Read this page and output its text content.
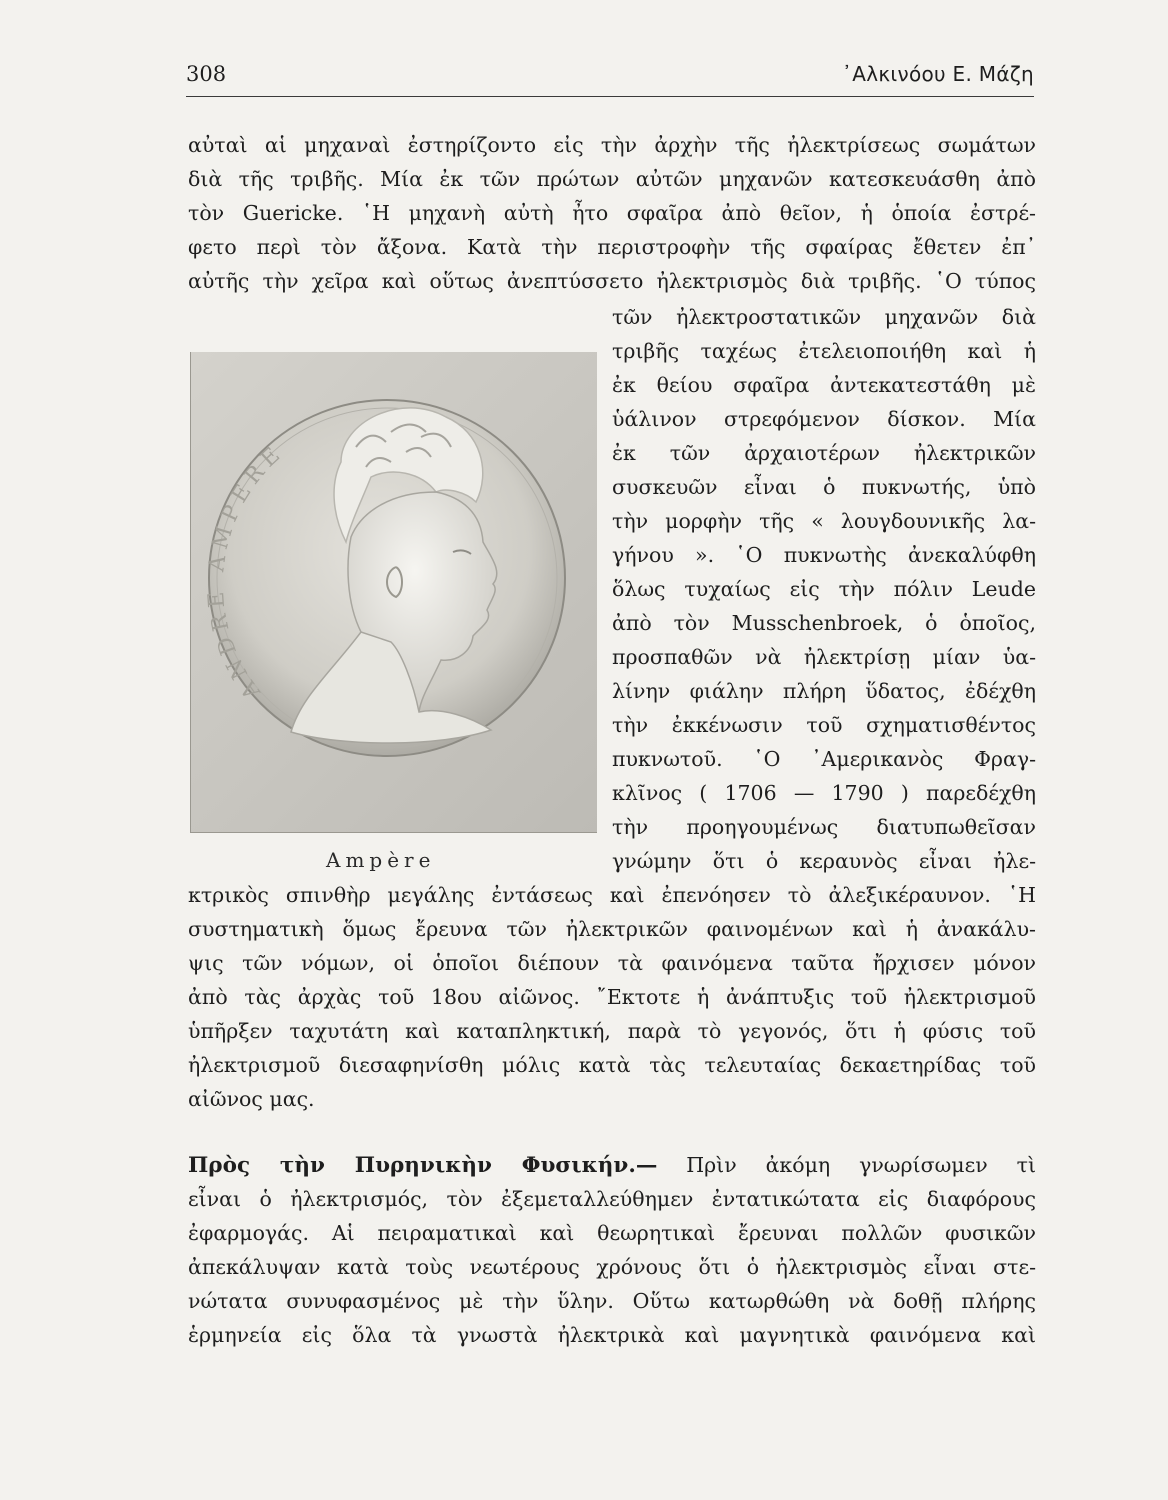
308	᾿Αλκινόου Ε. Μάζη
αὐταὶ αἱ μηχαναὶ ἐστηρίζοντο εἰς τὴν ἀρχὴν τῆς ἠλεκτρίσεως σωμάτων
διὰ τῆς τριβῆς. Μία ἐκ τῶν πρώτων αὐτῶν μηχανῶν κατεσκευάσθη ἀπὸ
τὸν Guericke. ῾Η μηχανὴ αὐτὴ ἦτο σφαῖρα ἀπὸ θεῖον, ἡ ὁποία ἐστρέ-
φετο περὶ τὸν ἄξονα. Κατὰ τὴν περιστροφὴν τῆς σφαίρας ἔθετεν ἐπ᾿
αὐτῆς τὴν χεῖρα καὶ οὕτως ἀνεπτύσσετο ἠλεκτρισμὸς διὰ τριβῆς. ῾Ο τύπος
ANDRE AMPERE
Ampère
τῶν ἠλεκτροστατικῶν μηχανῶν διὰ
τριβῆς ταχέως ἐτελειοποιήθη καὶ ἡ
ἐκ θείου σφαῖρα ἀντεκατεστάθη μὲ
ὑάλινον στρεφόμενον δίσκον. Μία
ἐκ τῶν ἀρχαιοτέρων ἠλεκτρικῶν
συσκευῶν εἶναι ὁ πυκνωτής, ὑπὸ
τὴν μορφὴν τῆς « λουγδουνικῆς λα-
γήνου ». ῾Ο πυκνωτὴς ἀνεκαλύφθη
ὅλως τυχαίως εἰς τὴν πόλιν Leude
ἀπὸ τὸν Musschenbroek, ὁ ὁποῖος,
προσπαθῶν νὰ ἠλεκτρίσῃ μίαν ὑα-
λίνην φιάλην πλήρη ὕδατος, ἐδέχθη
τὴν ἐκκένωσιν τοῦ σχηματισθέντος
πυκνωτοῦ. ῾Ο ᾿Αμερικανὸς Φραγ-
κλῖνος ( 1706 — 1790 ) παρεδέχθη
τὴν προηγουμένως διατυπωθεῖσαν
γνώμην ὅτι ὁ κεραυνὸς εἶναι ἠλε-
κτρικὸς σπινθὴρ μεγάλης ἐντάσεως καὶ ἐπενόησεν τὸ ἀλεξικέραυνον. ῾Η
συστηματικὴ ὅμως ἔρευνα τῶν ἠλεκτρικῶν φαινομένων καὶ ἡ ἀνακάλυ-
ψις τῶν νόμων, οἱ ὁποῖοι διέπουν τὰ φαινόμενα ταῦτα ἤρχισεν μόνον
ἀπὸ τὰς ἀρχὰς τοῦ 18ου αἰῶνος. ῎Εκτοτε ἡ ἀνάπτυξις τοῦ ἠλεκτρισμοῦ
ὑπῆρξεν ταχυτάτη καὶ καταπληκτική, παρὰ τὸ γεγονός, ὅτι ἡ φύσις τοῦ
ἠλεκτρισμοῦ διεσαφηνίσθη μόλις κατὰ τὰς τελευταίας δεκαετηρίδας τοῦ
αἰῶνος μας.
Πρὸς τὴν Πυρηνικὴν Φυσικήν.— Πρὶν ἀκόμη γνωρίσωμεν τὶ
εἶναι ὁ ἠλεκτρισμός, τὸν ἐξεμεταλλεύθημεν ἐντατικώτατα εἰς διαφόρους
ἐφαρμογάς. Αἱ πειραματικαὶ καὶ θεωρητικαὶ ἔρευναι πολλῶν φυσικῶν
ἀπεκάλυψαν κατὰ τοὺς νεωτέρους χρόνους ὅτι ὁ ἠλεκτρισμὸς εἶναι στε-
νώτατα συνυφασμένος μὲ τὴν ὕλην. Οὕτω κατωρθώθη νὰ δοθῇ πλήρης
ἑρμηνεία εἰς ὅλα τὰ γνωστὰ ἠλεκτρικὰ καὶ μαγνητικὰ φαινόμενα καὶ
